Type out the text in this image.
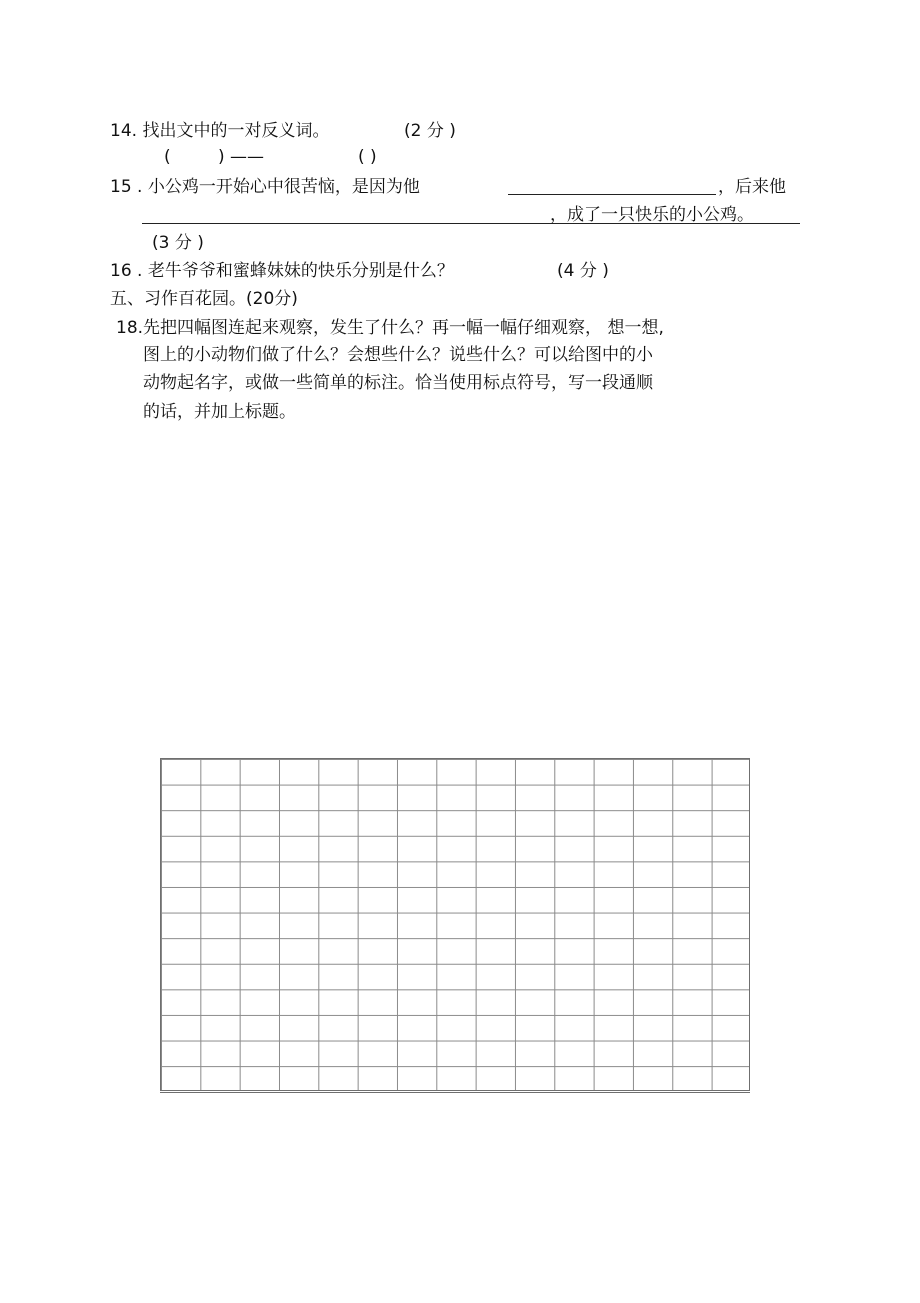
14. 找出文中的一对反义词。	(2 分 )
(	) ——	( )
15 . 小公鸡一开始心中很苦恼，是因为他	，后来他
，成了一只快乐的小公鸡。
(3 分 )
16 . 老牛爷爷和蜜蜂妹妹的快乐分别是什么？	(4 分 )
五、习作百花园。(20分)
18.先把四幅图连起来观察，发生了什么？再一幅一幅仔细观察， 想一想,
图上的小动物们做了什么？会想些什么？说些什么？可以给图中的小
动物起名字，或做一些简单的标注。恰当使用标点符号，写一段通顺
的话，并加上标题。
